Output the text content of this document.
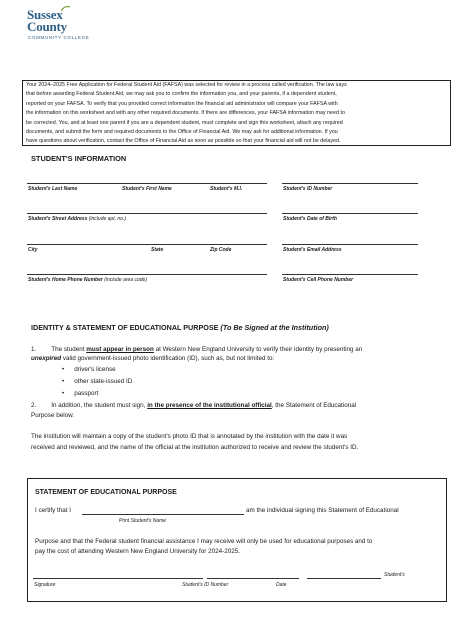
Sussex
County
COMMUNITY COLLEGE
Your 2024–2025 Free Application for Federal Student Aid (FAFSA) was selected for review in a process called verification. The law says
that before awarding Federal Student Aid, we may ask you to confirm the information you, and your parents, if a dependent student,
reported on your FAFSA. To verify that you provided correct information the financial aid administrator will compare your FAFSA with
the information on this worksheet and with any other required documents. If there are differences, your FAFSA information may need to
be corrected. You, and at least one parent if you are a dependent student, must complete and sign this worksheet, attach any required
documents, and submit the form and required documents to the Office of Financial Aid. We may ask for additional information. If you
have questions about verification, contact the Office of Financial Aid as soon as possible so that your financial aid will not be delayed.
STUDENT'S INFORMATION
Student's Last Name	Student's First Name	Student's M.I.	Student's ID Number
Student's Street Address (include apt. no.)	Student's Date of Birth
City	State	Zip Code	Student's Email Address
Student's Home Phone Number (include area code)	Student's Cell Phone Number
IDENTITY & STATEMENT OF EDUCATIONAL PURPOSE (To Be Signed at the Institution)
1. The student must appear in person at Western New England University to verify their identity by presenting an
unexpired valid government-issued photo identification (ID), such as, but not limited to:
• driver's license
• other state-issued ID
• passport
2. In addition, the student must sign, in the presence of the institutional official, the Statement of Educational
Purpose below.
The institution will maintain a copy of the student's photo ID that is annotated by the institution with the date it was
received and reviewed, and the name of the official at the institution authorized to receive and review the student's ID.
STATEMENT OF EDUCATIONAL PURPOSE
I certify that I	am the individual signing this Statement of Educational
Print Student's Name
Purpose and that the Federal student financial assistance I may receive will only be used for educational purposes and to
pay the cost of attending Western New England University for 2024-2025.
Student's
Signature	Student's ID Number	Date
